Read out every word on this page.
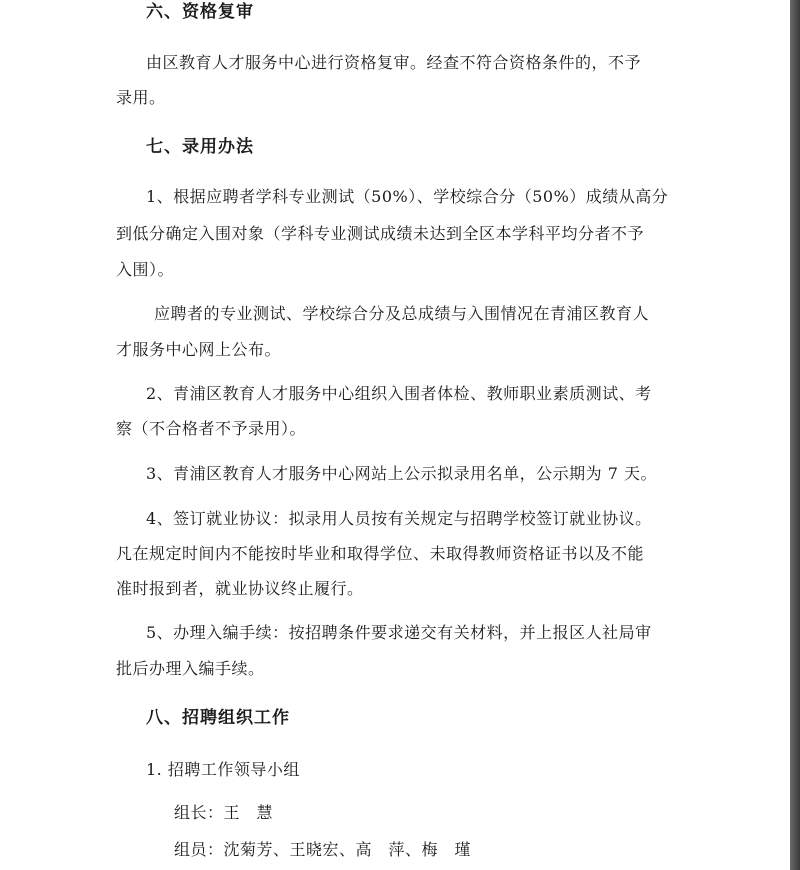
六、资格复审
由区教育人才服务中心进行资格复审。经查不符合资格条件的，不予
录用。
七、录用办法
1、根据应聘者学科专业测试（50%）、学校综合分（50%）成绩从高分
到低分确定入围对象（学科专业测试成绩未达到全区本学科平均分者不予
入围）。
应聘者的专业测试、学校综合分及总成绩与入围情况在青浦区教育人
才服务中心网上公布。
2、青浦区教育人才服务中心组织入围者体检、教师职业素质测试、考
察（不合格者不予录用）。
3、青浦区教育人才服务中心网站上公示拟录用名单，公示期为 7 天。
4、签订就业协议：拟录用人员按有关规定与招聘学校签订就业协议。
凡在规定时间内不能按时毕业和取得学位、未取得教师资格证书以及不能
准时报到者，就业协议终止履行。
5、办理入编手续：按招聘条件要求递交有关材料，并上报区人社局审
批后办理入编手续。
八、招聘组织工作
1. 招聘工作领导小组
组长：王　慧
组员：沈菊芳、王晓宏、高　萍、梅　瑾
